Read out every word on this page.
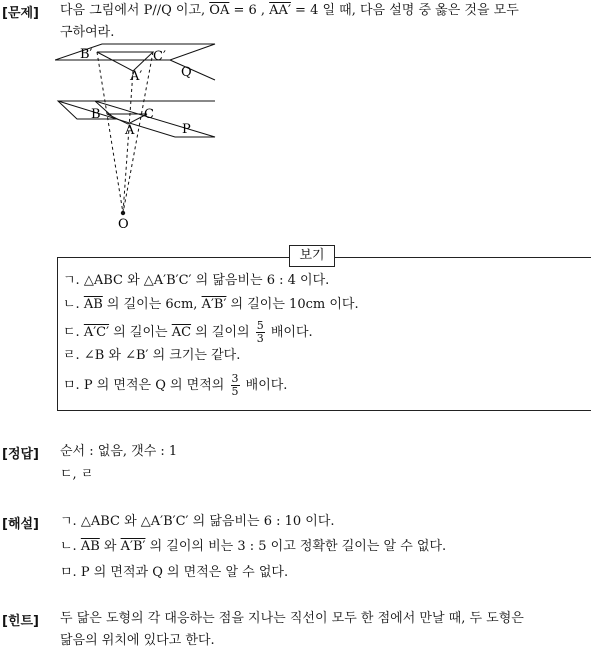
[문제] 다음 그림에서 P//Q 이고, $\overline{OA} = 6$ , AA′ = 4 일 때, 다음 설명 중 옳은 것을 모두
구하여라.
B′	C′
A′	Q
B	C
A	P
O
보기
ㄱ. △ABC 와 △A′B′C′ 의 닮음비는 6 : 4 이다.
ㄴ. $\overline{AB}$ 의 길이는 6cm, A′B′ 의 길이는 10cm 이다.
ㄷ. A′C′ 의 길이는 $\overline{AC}$ 의 길이의 $\frac{5}{3}$ 배이다.
ㄹ. ∠B 와 ∠B′ 의 크기는 같다.
ㅁ. P 의 면적은 Q 의 면적의 $\frac{3}{5}$ 배이다.
[정답] 순서 : 없음, 갯수 : 1
ㄷ, ㄹ
[해설] ㄱ. △ABC 와 △A′B′C′ 의 닮음비는 6 : 10 이다.
ㄴ. $\overline{AB}$ 와 A′B′ 의 길이의 비는 3 : 5 이고 정확한 길이는 알 수 없다.
ㅁ. P 의 면적과 Q 의 면적은 알 수 없다.
[힌트] 두 닮은 도형의 각 대응하는 점을 지나는 직선이 모두 한 점에서 만날 때, 두 도형은
닮음의 위치에 있다고 한다.
